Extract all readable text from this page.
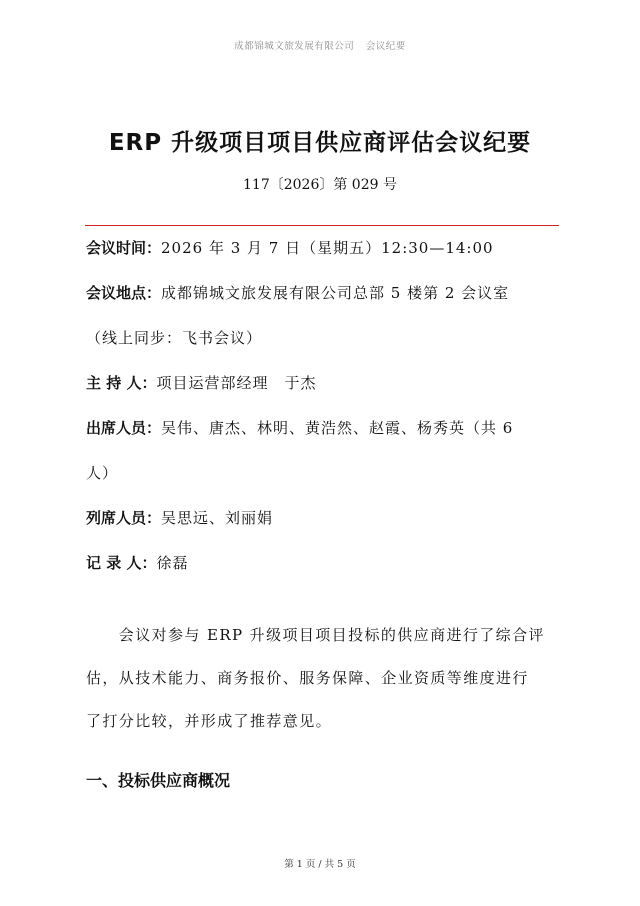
成都锦城文旅发展有限公司 会议纪要
ERP 升级项目项目供应商评估会议纪要
117〔2026〕第 029 号
会议时间：2026 年 3 月 7 日（星期五）12:30—14:00
会议地点：成都锦城文旅发展有限公司总部 5 楼第 2 会议室
（线上同步：飞书会议）
主 持 人：项目运营部经理　于杰
出席人员：吴伟、唐杰、林明、黄浩然、赵霞、杨秀英（共 6
人）
列席人员：吴思远、刘丽娟
记 录 人：徐磊
　　会议对参与 ERP 升级项目项目投标的供应商进行了综合评
估，从技术能力、商务报价、服务保障、企业资质等维度进行
了打分比较，并形成了推荐意见。
一、投标供应商概况
第 1 页 / 共 5 页
